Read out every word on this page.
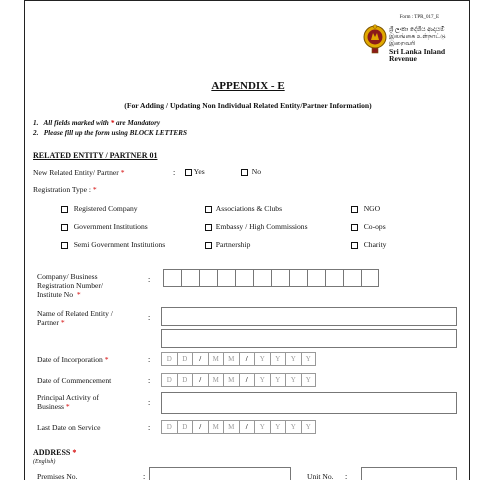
Form : TPR_017_E
ශ්‍රී ලංකා දේශීය ආදායම්
இலங்கை உள்நாட்டு இறைவரி
Sri Lanka Inland Revenue
APPENDIX - E
(For Adding / Updating Non Individual Related Entity/Partner Information)
1. All fields marked with * are Mandatory
2. Please fill up the form using BLOCK LETTERS
RELATED ENTITY / PARTNER 01
New Related Entity/ Partner *	:	Yes	No
Registration Type : *
Registered Company	Associations & Clubs	NGO
Government Institutions	Embassy / High Commissions	Co-ops
Semi Government Institutions	Partnership	Charity
Company/ Business
Registration Number/
Institute No *
:
Name of Related Entity /
Partner *
:
Date of Incorporation *	:	D	D	/	M	M	/	Y	Y	Y	Y
Date of Commencement	:	D	D	/	M	M	/	Y	Y	Y	Y
Principal Activity of
Business *	:
Last Date on Service	:	D	D	/	M	M	/	Y	Y	Y	Y
ADDRESS *
(English)
Premises No.	:	Unit No. :
